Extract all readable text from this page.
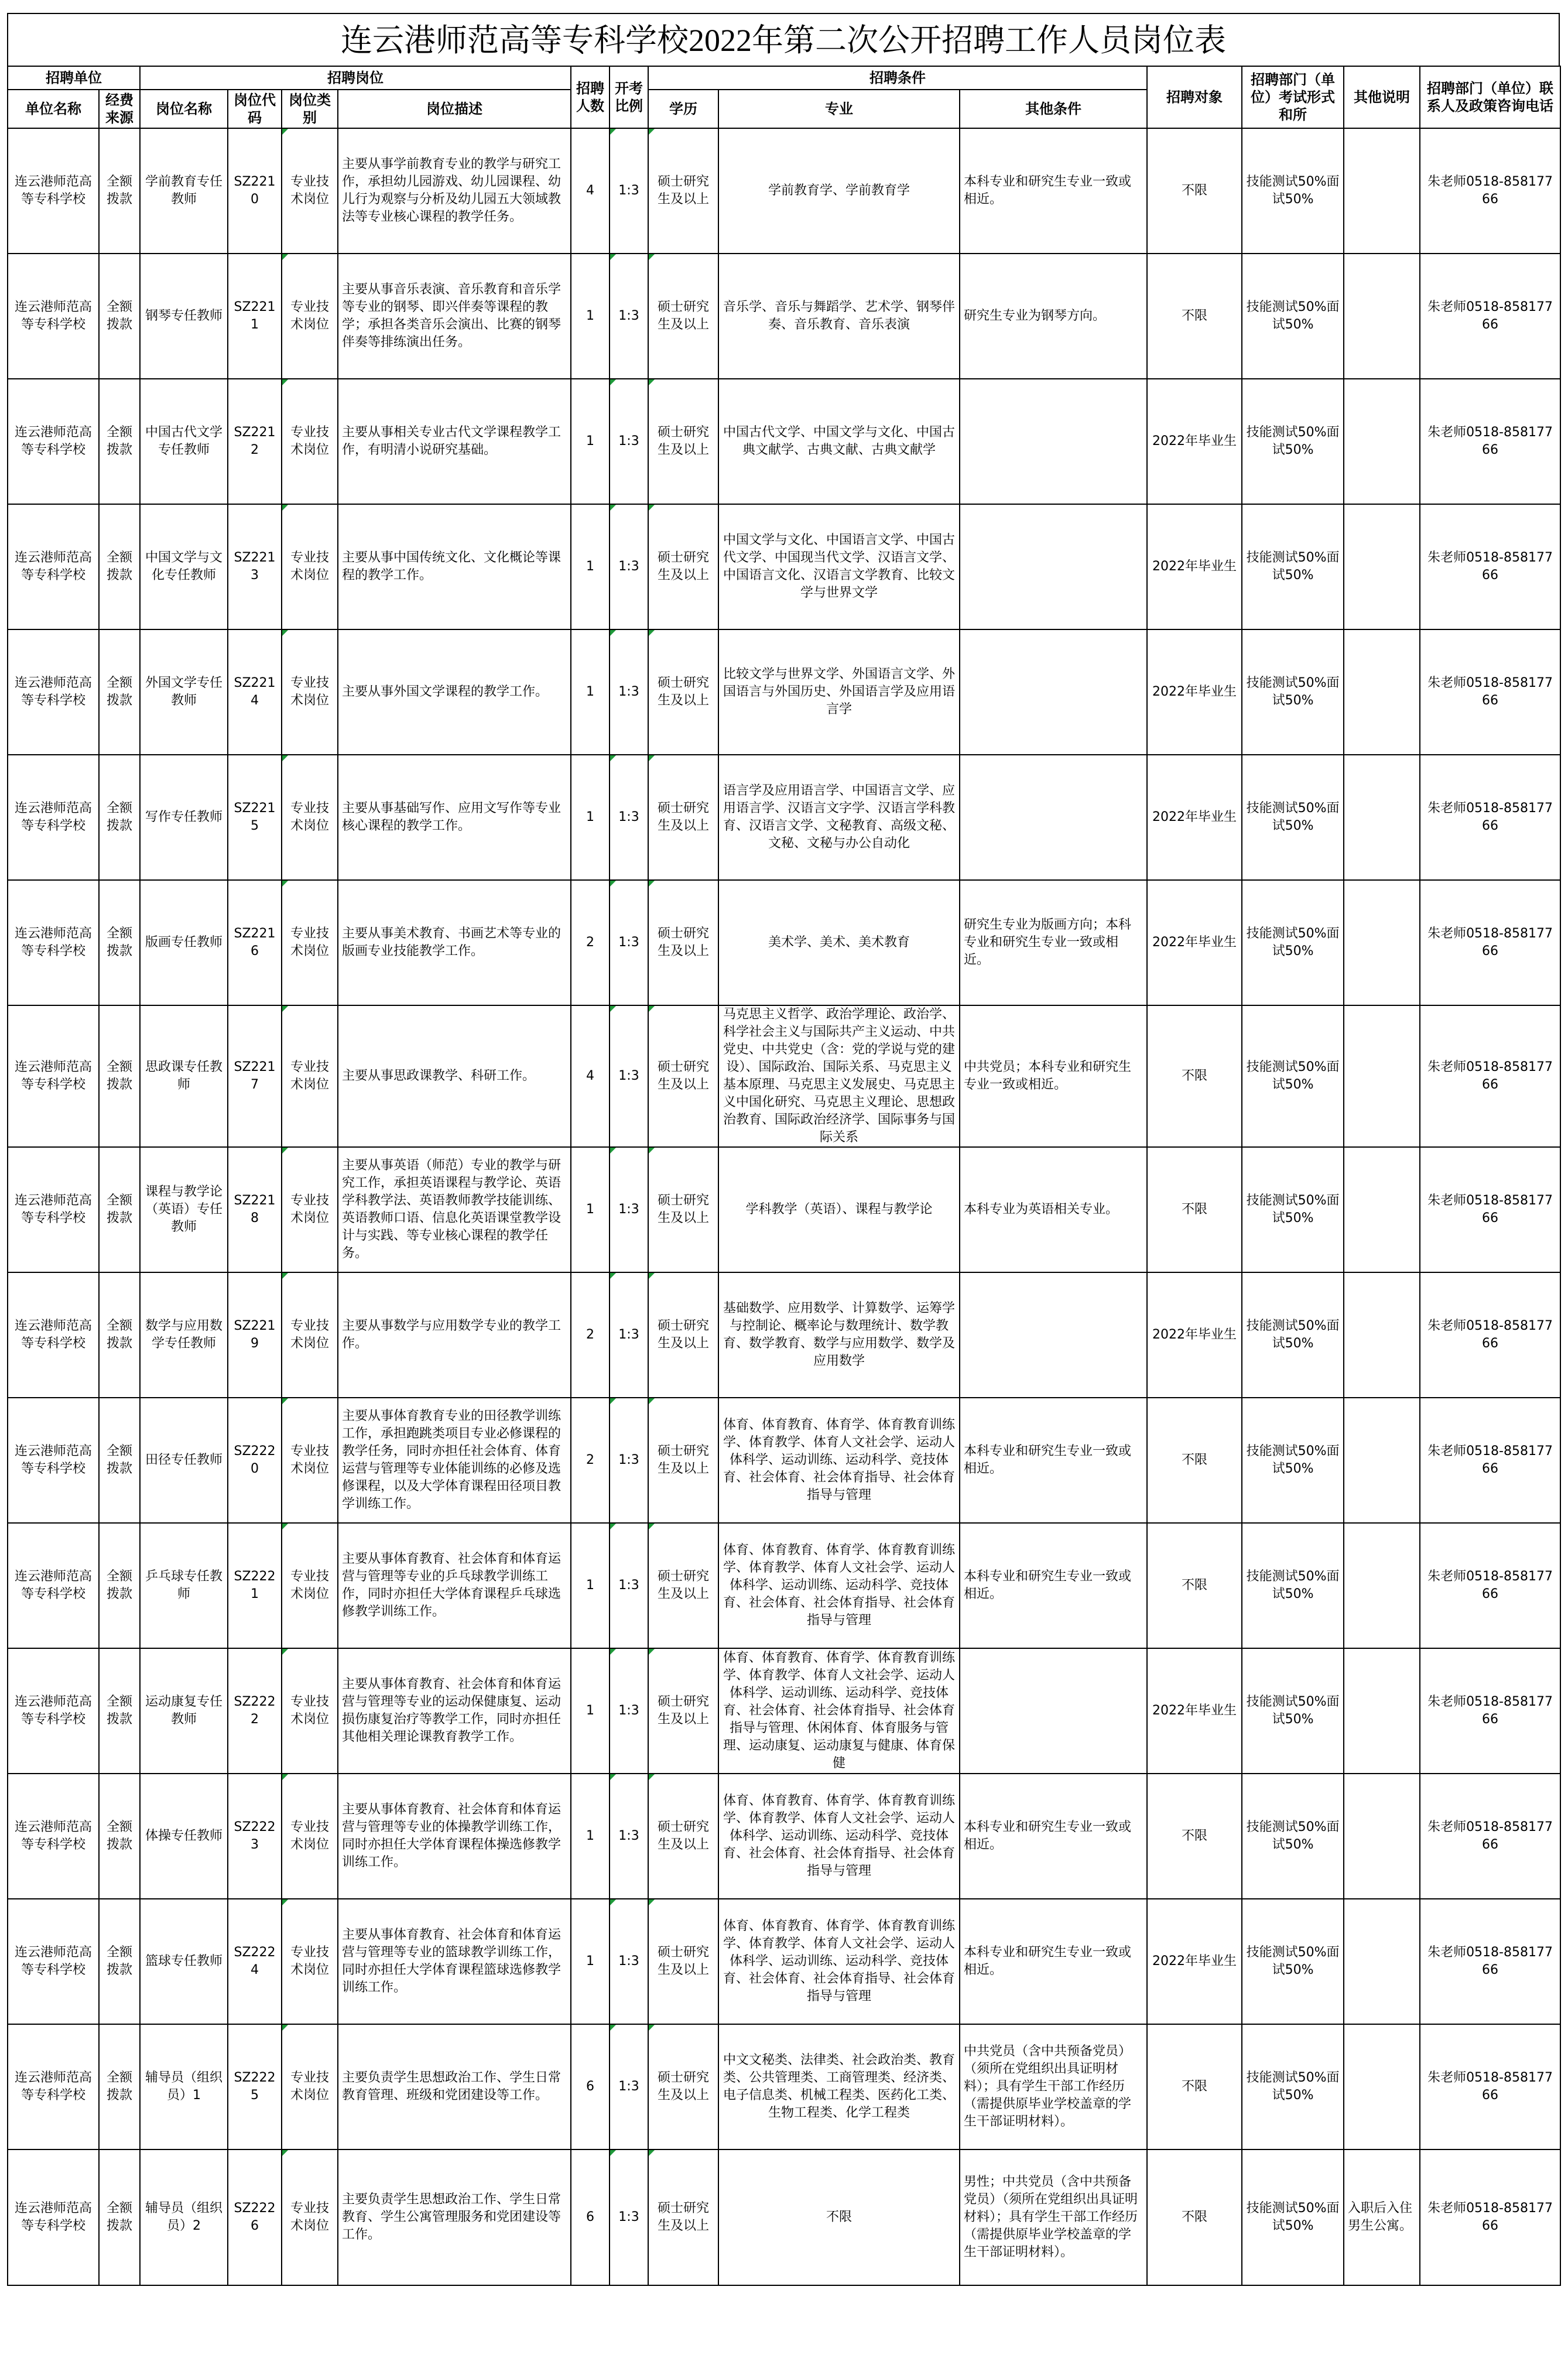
连云港师范高等专科学校2022年第二次公开招聘工作人员岗位表
招聘单位		招聘岗位				招聘人数	开考比例	招聘条件			招聘对象	招聘部门（单位）考试形式和所	其他说明	招聘部门（单位）联系人及政策咨询电话
单位名称	经费来源	岗位名称	岗位代码	岗位类别	岗位描述			学历	专业	其他条件				
连云港师范高等专科学校	全额拨款	学前教育专任教师	SZ2210	专业技术岗位	主要从事学前教育专业的教学与研究工作，承担幼儿园游戏、幼儿园课程、幼儿行为观察与分析及幼儿园五大领域教法等专业核心课程的教学任务。	4	1:3	硕士研究生及以上	学前教育学、学前教育学	本科专业和研究生专业一致或相近。	不限	技能测试50%面试50%		朱老师0518-85817766
连云港师范高等专科学校	全额拨款	钢琴专任教师	SZ2211	专业技术岗位	主要从事音乐表演、音乐教育和音乐学等专业的钢琴、即兴伴奏等课程的教学；承担各类音乐会演出、比赛的钢琴伴奏等排练演出任务。	1	1:3	硕士研究生及以上	音乐学、音乐与舞蹈学、艺术学、钢琴伴奏、音乐教育、音乐表演	研究生专业为钢琴方向。	不限	技能测试50%面试50%		朱老师0518-85817766
连云港师范高等专科学校	全额拨款	中国古代文学专任教师	SZ2212	专业技术岗位	主要从事相关专业古代文学课程教学工作，有明清小说研究基础。	1	1:3	硕士研究生及以上	中国古代文学、中国文学与文化、中国古典文献学、古典文献、古典文献学		2022年毕业生	技能测试50%面试50%		朱老师0518-85817766
连云港师范高等专科学校	全额拨款	中国文学与文化专任教师	SZ2213	专业技术岗位	主要从事中国传统文化、文化概论等课程的教学工作。	1	1:3	硕士研究生及以上	中国文学与文化、中国语言文学、中国古代文学、中国现当代文学、汉语言文学、中国语言文化、汉语言文学教育、比较文学与世界文学		2022年毕业生	技能测试50%面试50%		朱老师0518-85817766
连云港师范高等专科学校	全额拨款	外国文学专任教师	SZ2214	专业技术岗位	主要从事外国文学课程的教学工作。	1	1:3	硕士研究生及以上	比较文学与世界文学、外国语言文学、外国语言与外国历史、外国语言学及应用语言学		2022年毕业生	技能测试50%面试50%		朱老师0518-85817766
连云港师范高等专科学校	全额拨款	写作专任教师	SZ2215	专业技术岗位	主要从事基础写作、应用文写作等专业核心课程的教学工作。	1	1:3	硕士研究生及以上	语言学及应用语言学、中国语言文学、应用语言学、汉语言文字学、汉语言学科教育、汉语言文学、文秘教育、高级文秘、文秘、文秘与办公自动化		2022年毕业生	技能测试50%面试50%		朱老师0518-85817766
连云港师范高等专科学校	全额拨款	版画专任教师	SZ2216	专业技术岗位	主要从事美术教育、书画艺术等专业的版画专业技能教学工作。	2	1:3	硕士研究生及以上	美术学、美术、美术教育	研究生专业为版画方向；本科专业和研究生专业一致或相近。	2022年毕业生	技能测试50%面试50%		朱老师0518-85817766
连云港师范高等专科学校	全额拨款	思政课专任教师	SZ2217	专业技术岗位	主要从事思政课教学、科研工作。	4	1:3	硕士研究生及以上	马克思主义哲学、政治学理论、政治学、科学社会主义与国际共产主义运动、中共党史、中共党史（含：党的学说与党的建设）、国际政治、国际关系、马克思主义基本原理、马克思主义发展史、马克思主义中国化研究、马克思主义理论、思想政治教育、国际政治经济学、国际事务与国际关系	中共党员；本科专业和研究生专业一致或相近。	不限	技能测试50%面试50%		朱老师0518-85817766
连云港师范高等专科学校	全额拨款	课程与教学论（英语）专任教师	SZ2218	专业技术岗位	主要从事英语（师范）专业的教学与研究工作，承担英语课程与教学论、英语学科教学法、英语教师教学技能训练、英语教师口语、信息化英语课堂教学设计与实践、等专业核心课程的教学任务。	1	1:3	硕士研究生及以上	学科教学（英语）、课程与教学论	本科专业为英语相关专业。	不限	技能测试50%面试50%		朱老师0518-85817766
连云港师范高等专科学校	全额拨款	数学与应用数学专任教师	SZ2219	专业技术岗位	主要从事数学与应用数学专业的教学工作。	2	1:3	硕士研究生及以上	基础数学、应用数学、计算数学、运筹学与控制论、概率论与数理统计、数学教育、数学教育、数学与应用数学、数学及应用数学		2022年毕业生	技能测试50%面试50%		朱老师0518-85817766
连云港师范高等专科学校	全额拨款	田径专任教师	SZ2220	专业技术岗位	主要从事体育教育专业的田径教学训练工作，承担跑跳类项目专业必修课程的教学任务，同时亦担任社会体育、体育运营与管理等专业体能训练的必修及选修课程，以及大学体育课程田径项目教学训练工作。	2	1:3	硕士研究生及以上	体育、体育教育、体育学、体育教育训练学、体育教学、体育人文社会学、运动人体科学、运动训练、运动科学、竞技体育、社会体育、社会体育指导、社会体育指导与管理	本科专业和研究生专业一致或相近。	不限	技能测试50%面试50%		朱老师0518-85817766
连云港师范高等专科学校	全额拨款	乒乓球专任教师	SZ2221	专业技术岗位	主要从事体育教育、社会体育和体育运营与管理等专业的乒乓球教学训练工作，同时亦担任大学体育课程乒乓球选修教学训练工作。	1	1:3	硕士研究生及以上	体育、体育教育、体育学、体育教育训练学、体育教学、体育人文社会学、运动人体科学、运动训练、运动科学、竞技体育、社会体育、社会体育指导、社会体育指导与管理	本科专业和研究生专业一致或相近。	不限	技能测试50%面试50%		朱老师0518-85817766
连云港师范高等专科学校	全额拨款	运动康复专任教师	SZ2222	专业技术岗位	主要从事体育教育、社会体育和体育运营与管理等专业的运动保健康复、运动损伤康复治疗等教学工作，同时亦担任其他相关理论课教育教学工作。	1	1:3	硕士研究生及以上	体育、体育教育、体育学、体育教育训练学、体育教学、体育人文社会学、运动人体科学、运动训练、运动科学、竞技体育、社会体育、社会体育指导、社会体育指导与管理、休闲体育、体育服务与管理、运动康复、运动康复与健康、体育保健		2022年毕业生	技能测试50%面试50%		朱老师0518-85817766
连云港师范高等专科学校	全额拨款	体操专任教师	SZ2223	专业技术岗位	主要从事体育教育、社会体育和体育运营与管理等专业的体操教学训练工作，同时亦担任大学体育课程体操选修教学训练工作。	1	1:3	硕士研究生及以上	体育、体育教育、体育学、体育教育训练学、体育教学、体育人文社会学、运动人体科学、运动训练、运动科学、竞技体育、社会体育、社会体育指导、社会体育指导与管理	本科专业和研究生专业一致或相近。	不限	技能测试50%面试50%		朱老师0518-85817766
连云港师范高等专科学校	全额拨款	篮球专任教师	SZ2224	专业技术岗位	主要从事体育教育、社会体育和体育运营与管理等专业的篮球教学训练工作，同时亦担任大学体育课程篮球选修教学训练工作。	1	1:3	硕士研究生及以上	体育、体育教育、体育学、体育教育训练学、体育教学、体育人文社会学、运动人体科学、运动训练、运动科学、竞技体育、社会体育、社会体育指导、社会体育指导与管理	本科专业和研究生专业一致或相近。	2022年毕业生	技能测试50%面试50%		朱老师0518-85817766
连云港师范高等专科学校	全额拨款	辅导员（组织员）1	SZ2225	专业技术岗位	主要负责学生思想政治工作、学生日常教育管理、班级和党团建设等工作。	6	1:3	硕士研究生及以上	中文文秘类、法律类、社会政治类、教育类、公共管理类、工商管理类、经济类、电子信息类、机械工程类、医药化工类、生物工程类、化学工程类	中共党员（含中共预备党员）（须所在党组织出具证明材料）；具有学生干部工作经历（需提供原毕业学校盖章的学生干部证明材料）。	不限	技能测试50%面试50%		朱老师0518-85817766
连云港师范高等专科学校	全额拨款	辅导员（组织员）2	SZ2226	专业技术岗位	主要负责学生思想政治工作、学生日常教育、学生公寓管理服务和党团建设等工作。	6	1:3	硕士研究生及以上	不限	男性；中共党员（含中共预备党员）（须所在党组织出具证明材料）；具有学生干部工作经历（需提供原毕业学校盖章的学生干部证明材料）。	不限	技能测试50%面试50%	入职后入住男生公寓。	朱老师0518-85817766
